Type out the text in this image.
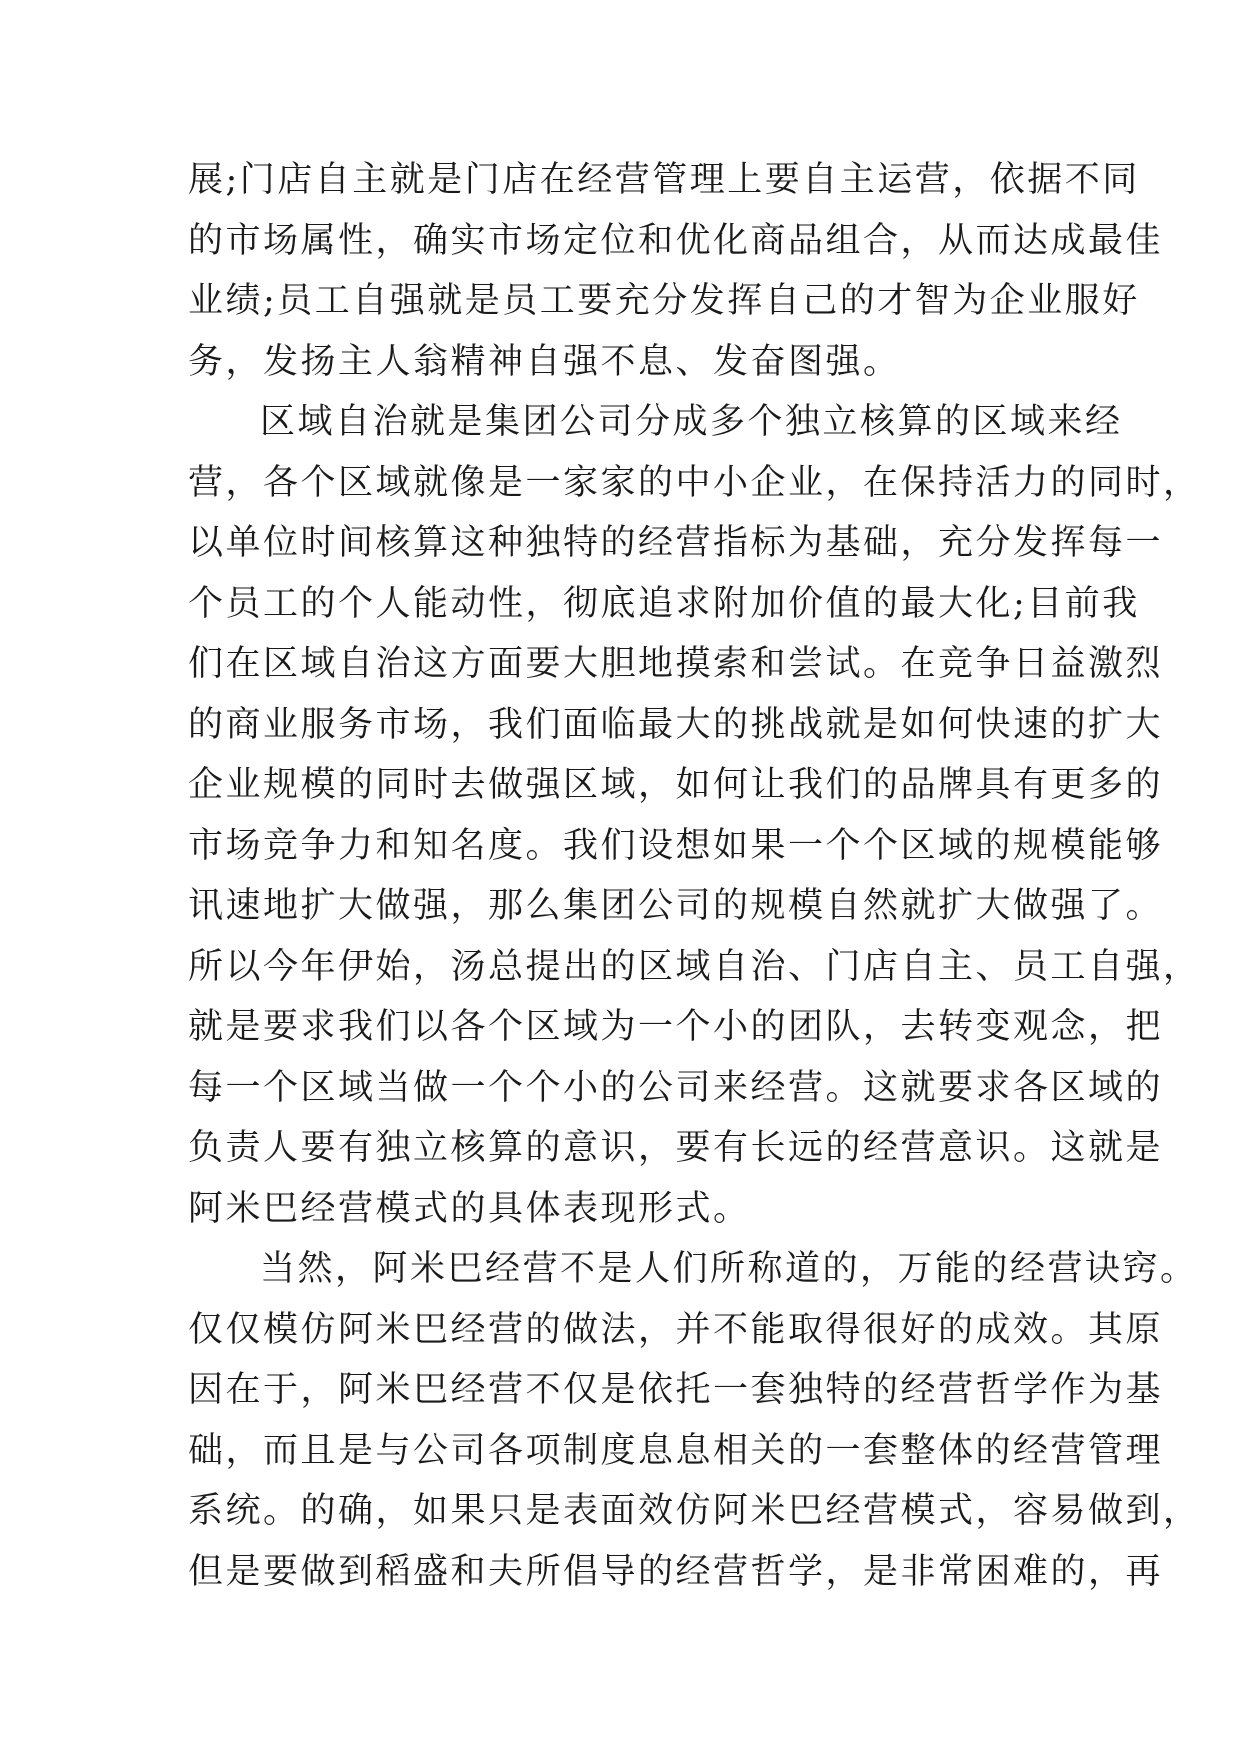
展;门店自主就是门店在经营管理上要自主运营，依据不同
的市场属性，确实市场定位和优化商品组合，从而达成最佳
业绩;员工自强就是员工要充分发挥自己的才智为企业服好
务，发扬主人翁精神自强不息、发奋图强。
区域自治就是集团公司分成多个独立核算的区域来经
营，各个区域就像是一家家的中小企业，在保持活力的同时，
以单位时间核算这种独特的经营指标为基础，充分发挥每一
个员工的个人能动性，彻底追求附加价值的最大化;目前我
们在区域自治这方面要大胆地摸索和尝试。在竞争日益激烈
的商业服务市场，我们面临最大的挑战就是如何快速的扩大
企业规模的同时去做强区域，如何让我们的品牌具有更多的
市场竞争力和知名度。我们设想如果一个个区域的规模能够
讯速地扩大做强，那么集团公司的规模自然就扩大做强了。
所以今年伊始，汤总提出的区域自治、门店自主、员工自强，
就是要求我们以各个区域为一个小的团队，去转变观念，把
每一个区域当做一个个小的公司来经营。这就要求各区域的
负责人要有独立核算的意识，要有长远的经营意识。这就是
阿米巴经营模式的具体表现形式。
当然，阿米巴经营不是人们所称道的，万能的经营诀窍。
仅仅模仿阿米巴经营的做法，并不能取得很好的成效。其原
因在于，阿米巴经营不仅是依托一套独特的经营哲学作为基
础，而且是与公司各项制度息息相关的一套整体的经营管理
系统。的确，如果只是表面效仿阿米巴经营模式，容易做到，
但是要做到稻盛和夫所倡导的经营哲学，是非常困难的，再
